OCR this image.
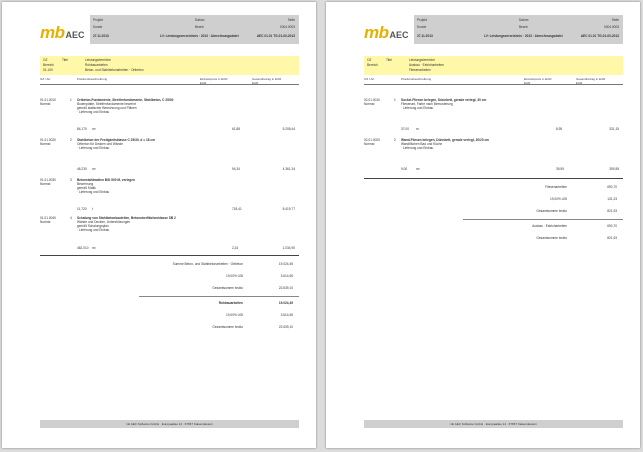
mbAEC
Projekt	Datum	Seite
Kunde	Bearb.	0004.0003
27.11.2013	LV: Leistungsverzeichnis · 2013 · Abrechnungsdatei	AEC 01.01 TG-01-00-2013
OZ
Bereich
01.100
Titel	Leistungsbereiche
Rohbauarbeiten
Beton- und Stahlbetonarbeiten · Ortbeton
OZ / Art	Positionsbeschreibung	Einheitspreis in EUR
EUR
Gesamtbetrag in EUR
EUR
01.01.0010
Normal
1 Ortbeton-Fundamente, Streifenfundamente, Stahlbeton, C 25/30
Bodenplatte, Streifenfundamente bewehrt
gemäß statischer Berechnung und Plänen
· Lieferung und Einbau
84,170 m³	61,88	5.208,44
01.01.0020
Normal
2 Stahlbeton der Festigkeitsklasse C 25/30, d = 18 cm
Ortbeton für Decken und Wände
· Lieferung und Einbau
46,230 m³	94,34	4.361,34
01.01.0030
Normal
3 Betonstahlmatten BSt 500 M, verlegen
Bewehrung
gemäß Statik
· Lieferung und Einbau
11,720 t	718,41	8.419,77
01.01.0040
Normal
4 Schalung von Stahlbetonbauteilen, Betonoberflächenklasse SB 2
Wände und Decken, Unterstützungen
gemäß Schalungsplan
· Lieferung und Einbau
462,010 m²	2,24	1.034,90
Summe Beton- und Stahlbetonarbeiten · Ortbeton	19.024,45
19,00% USt	3.614,65
Gesamtsumme brutto	22.639,10
Rohbauarbeiten	19.024,45
19,00% USt	3.614,65
Gesamtsumme brutto	22.639,10
mb AEC Software GmbH · Europaallee 14 · 67657 Kaiserslautern
mbAEC
Projekt	Datum	Seite
Kunde	Bearb.	0004.0003
27.11.2013	LV: Leistungsverzeichnis · 2013 · Abrechnungsdatei	AEC 01.01 TG-01-00-2013
OZ
Bereich
Titel	Leistungsbereiche
Ausbau · Estricharbeiten
Fliesenarbeiten
OZ / Art	Positionsbeschreibung	Einheitspreis in EUR
EUR
Gesamtbetrag in EUR
EUR
02.01.0010
Normal
1 Sockel-Fliesen belegen, Dünnbett, gerade verlegt, 30 cm
Fliesenart, Farbe nach Bemusterung
· Lieferung und Einbau
37,00 m	8,95	331,15
02.01.0020
Normal
2 Wand-Fliesen belegen, Dünnbett, gerade verlegt, 20/20 cm
Wandflächen Bad und Küche
· Lieferung und Einbau
9,00	m²	39,95	359,55
Fliesenarbeiten	690,70
19,00% USt	131,23
Gesamtsumme brutto	821,93
Ausbau · Estricharbeiten	690,70
Gesamtsumme brutto	821,93
mb AEC Software GmbH · Europaallee 14 · 67657 Kaiserslautern
